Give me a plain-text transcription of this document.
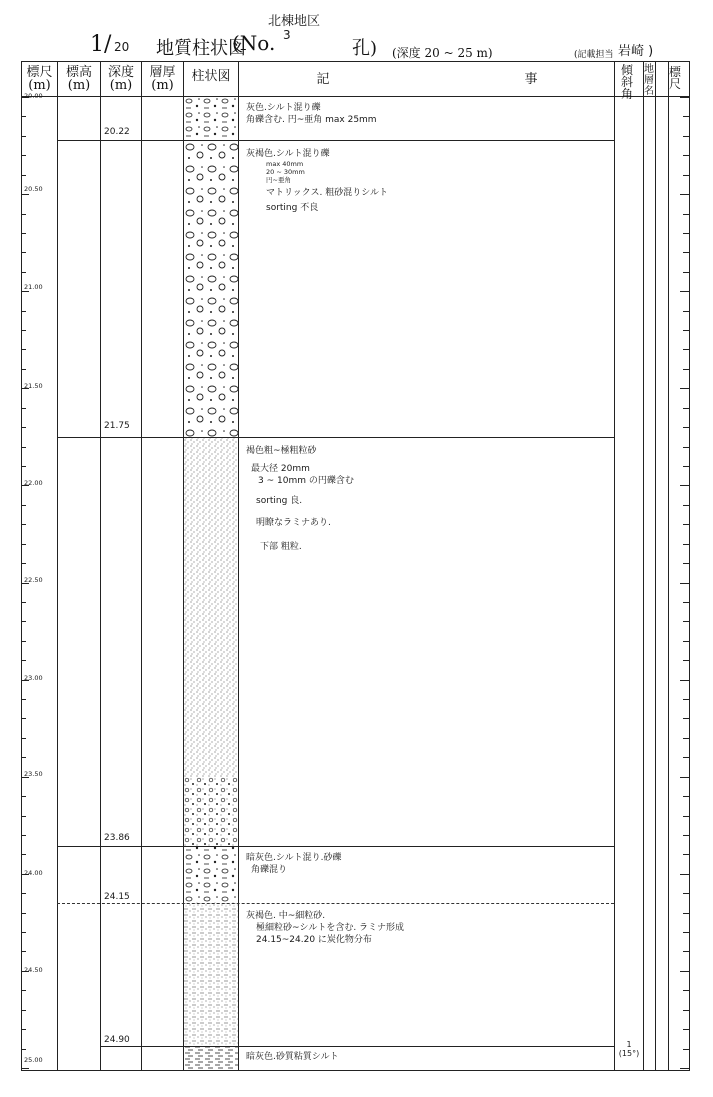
1/ 20 地質柱状図
(No.
北棟地区
3
孔) (深度 20 ~ 25 m)	(記載担当 岩崎 )
標尺
(m)
標高
(m)
深度
(m)
層厚
(m)
柱状図	記　　　　　　　　　　　　　　　事
傾斜角
地層名
標尺
20.00
20.50
21.00
21.50
22.00
22.50
23.00
23.50
24.00
24.50
25.00
20.22
21.75
23.86
24.15
24.90
灰色.シルト混り礫
角礫含む. 円~亜角 max 25mm
灰褐色.シルト混り礫
max 40mm
20 ~ 30mm
円~亜角
マトリックス. 粗砂混りシルト
sorting 不良
褐色粗~極粗粒砂
最大径 20mm
3 ~ 10mm の円礫含む
sorting 良.
明瞭なラミナあり.
下部 粗粒.
暗灰色.シルト混り.砂礫
角礫混り
灰褐色. 中~細粒砂.
極細粒砂~シルトを含む. ラミナ形成
24.15~24.20 に炭化物分布
暗灰色.砂質粘質シルト
1
(15°)
